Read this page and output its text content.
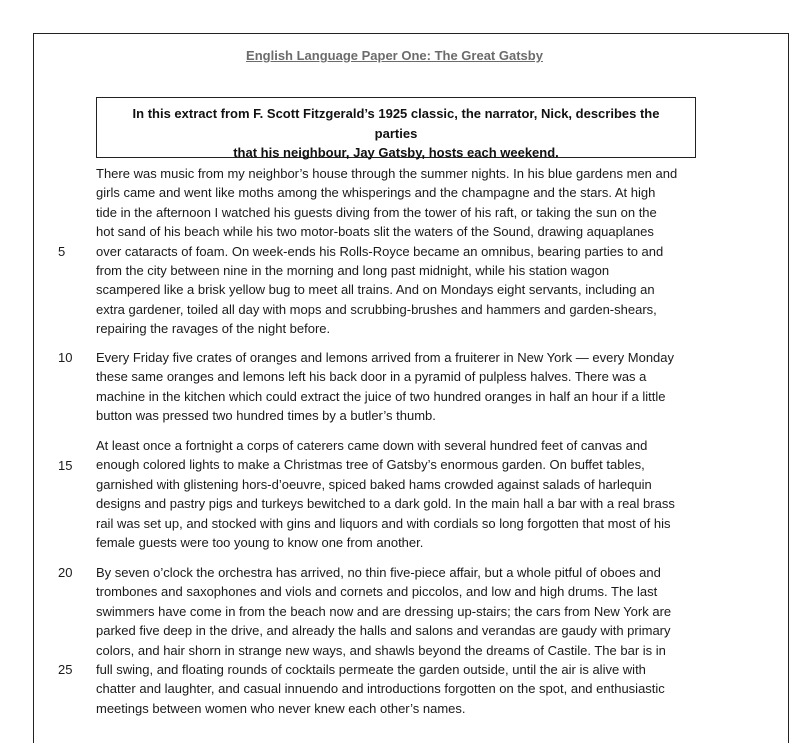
English Language Paper One: The Great Gatsby
In this extract from F. Scott Fitzgerald’s 1925 classic, the narrator, Nick, describes the parties
that his neighbour, Jay Gatsby, hosts each weekend.
There was music from my neighbor’s house through the summer nights. In his blue gardens men and
girls came and went like moths among the whisperings and the champagne and the stars. At high
tide in the afternoon I watched his guests diving from the tower of his raft, or taking the sun on the
hot sand of his beach while his two motor-boats slit the waters of the Sound, drawing aquaplanes
over cataracts of foam. On week-ends his Rolls-Royce became an omnibus, bearing parties to and
from the city between nine in the morning and long past midnight, while his station wagon
scampered like a brisk yellow bug to meet all trains. And on Mondays eight servants, including an
extra gardener, toiled all day with mops and scrubbing-brushes and hammers and garden-shears,
repairing the ravages of the night before.
Every Friday five crates of oranges and lemons arrived from a fruiterer in New York — every Monday
these same oranges and lemons left his back door in a pyramid of pulpless halves. There was a
machine in the kitchen which could extract the juice of two hundred oranges in half an hour if a little
button was pressed two hundred times by a butler’s thumb.
At least once a fortnight a corps of caterers came down with several hundred feet of canvas and
enough colored lights to make a Christmas tree of Gatsby’s enormous garden. On buffet tables,
garnished with glistening hors-d’oeuvre, spiced baked hams crowded against salads of harlequin
designs and pastry pigs and turkeys bewitched to a dark gold. In the main hall a bar with a real brass
rail was set up, and stocked with gins and liquors and with cordials so long forgotten that most of his
female guests were too young to know one from another.
By seven o’clock the orchestra has arrived, no thin five-piece affair, but a whole pitful of oboes and
trombones and saxophones and viols and cornets and piccolos, and low and high drums. The last
swimmers have come in from the beach now and are dressing up-stairs; the cars from New York are
parked five deep in the drive, and already the halls and salons and verandas are gaudy with primary
colors, and hair shorn in strange new ways, and shawls beyond the dreams of Castile. The bar is in
full swing, and floating rounds of cocktails permeate the garden outside, until the air is alive with
chatter and laughter, and casual innuendo and introductions forgotten on the spot, and enthusiastic
meetings between women who never knew each other’s names.
5
10
15
20
25
